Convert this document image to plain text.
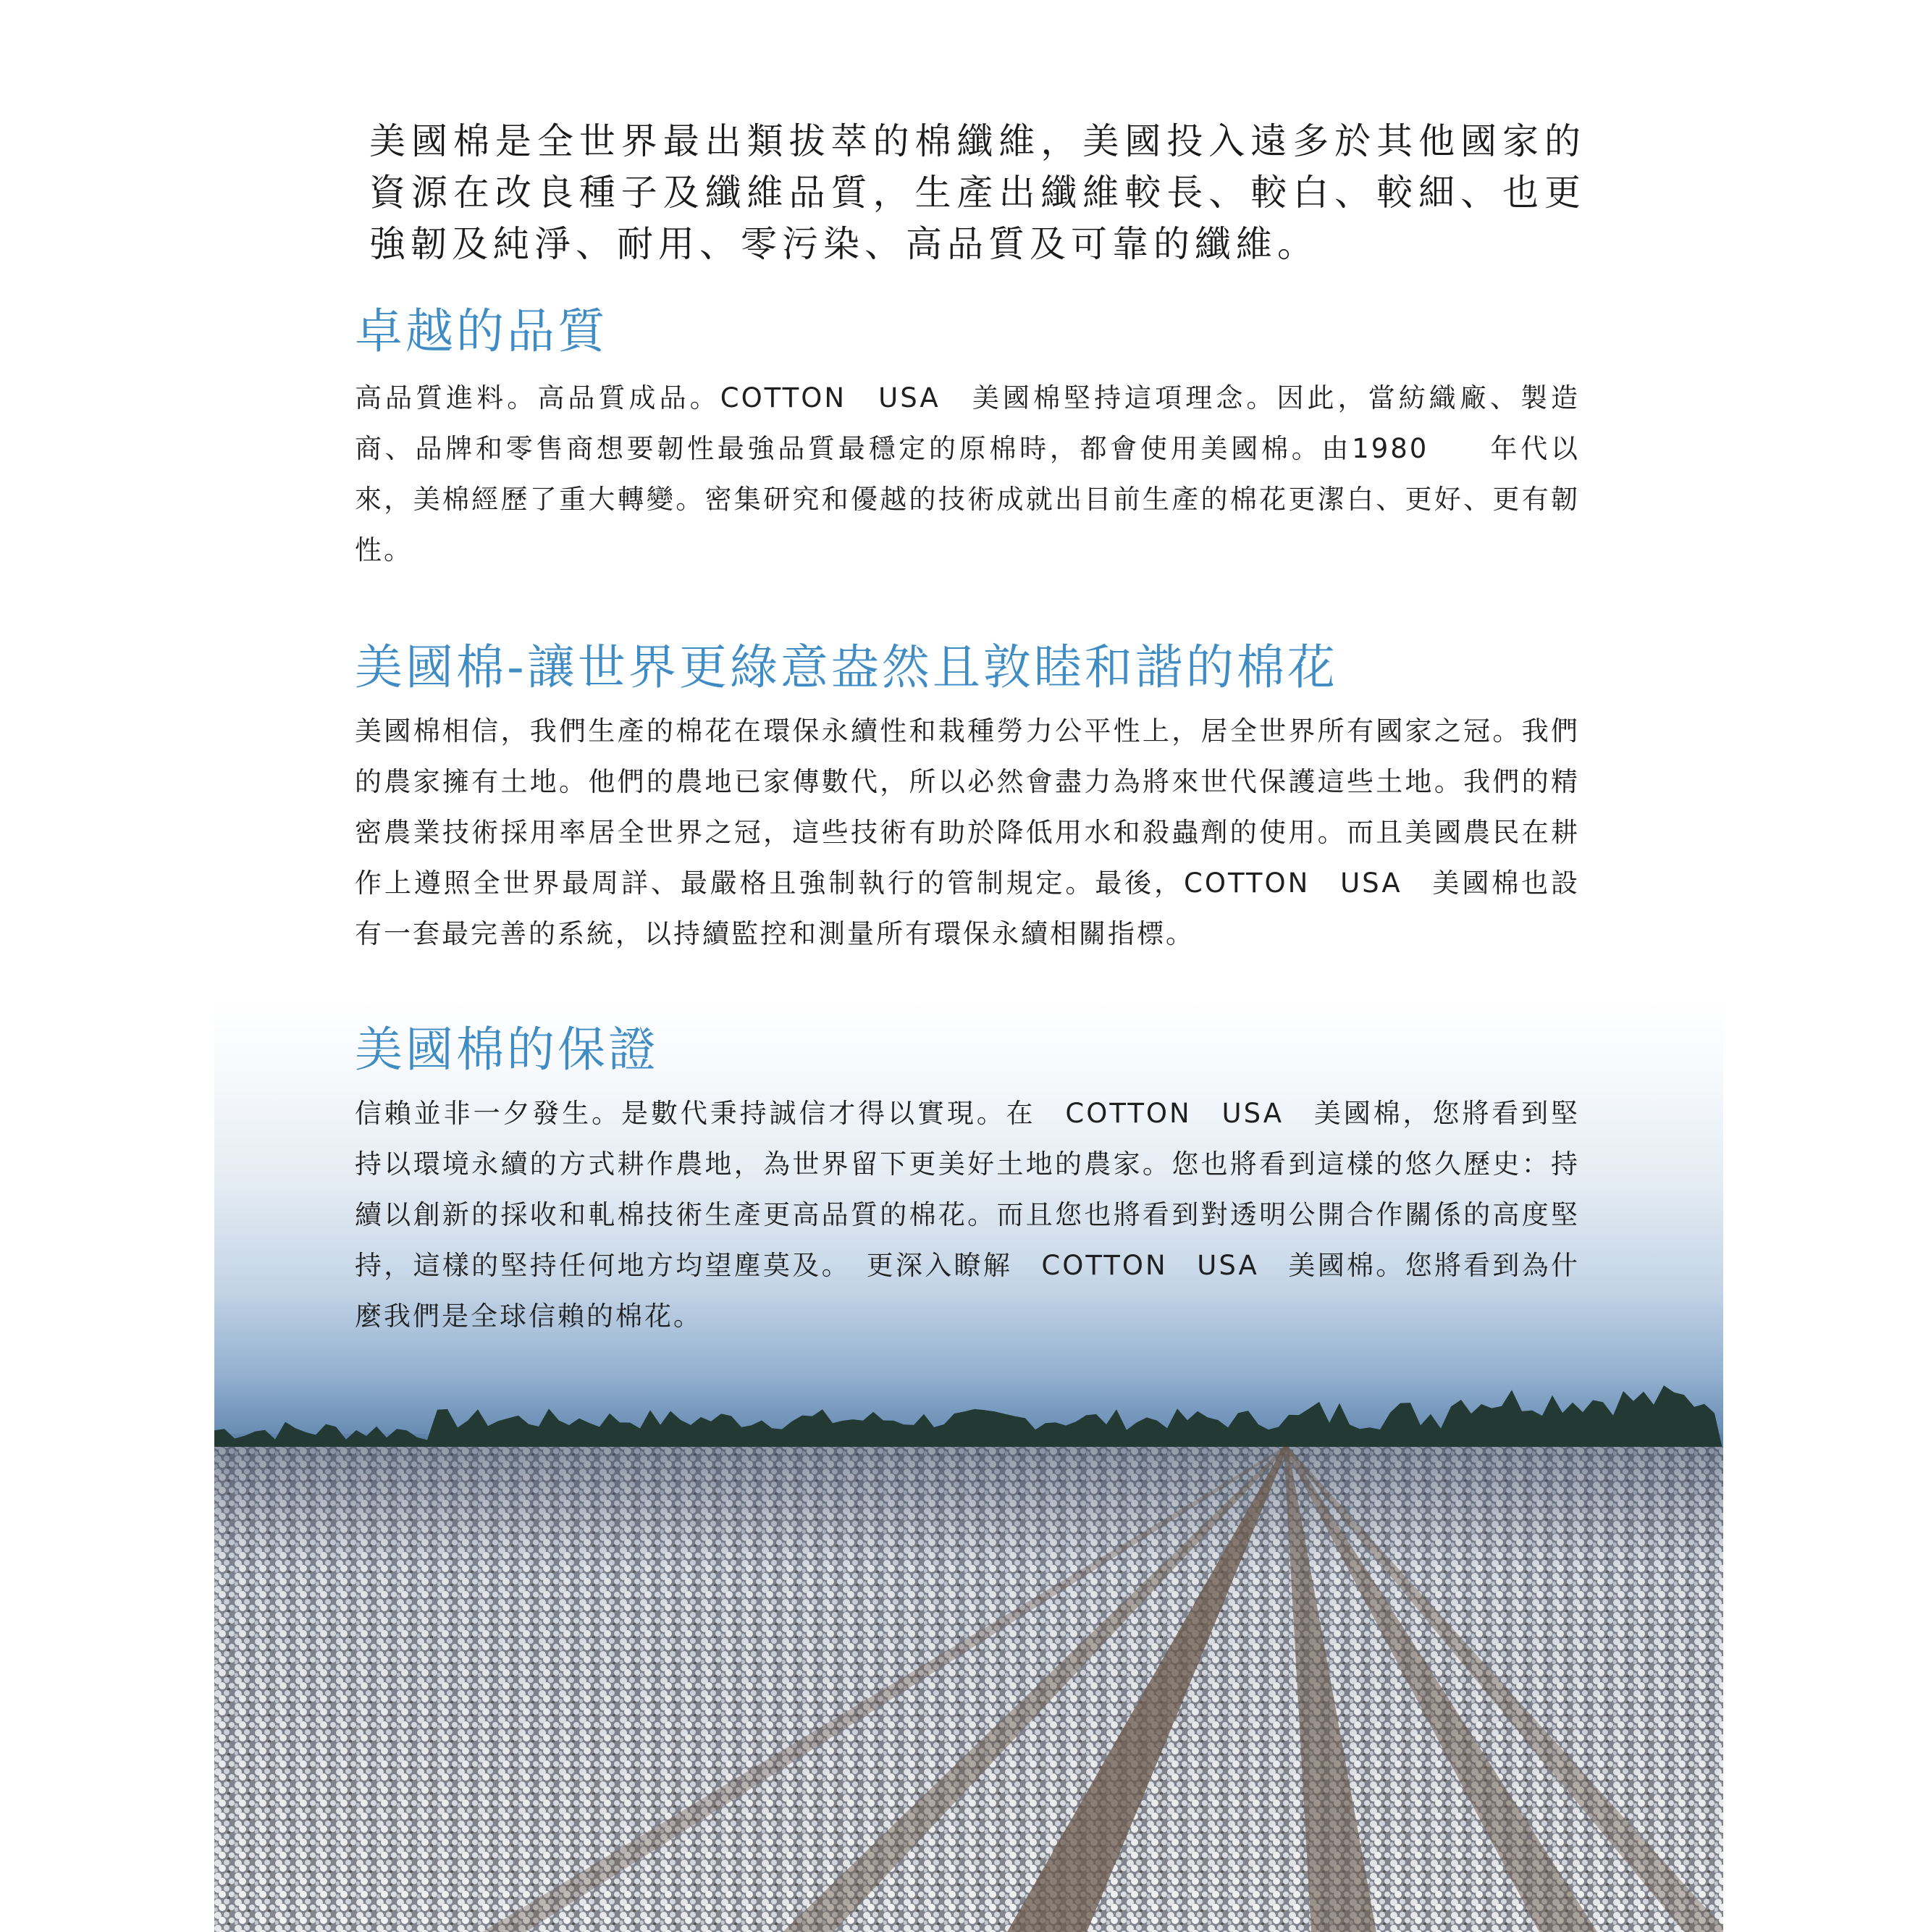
美國棉是全世界最出類拔萃的棉纖維，美國投入遠多於其他國家的資源在改良種子及纖維品質，生產出纖維較長、較白、較細、也更強韌及純淨、耐用、零污染、高品質及可靠的纖維。

卓越的品質

高品質進料。高品質成品。COTTON　USA　美國棉堅持這項理念。因此，當紡織廠、製造商、品牌和零售商想要韌性最強品質最穩定的原棉時，都會使用美國棉。由1980　　年代以來，美棉經歷了重大轉變。密集研究和優越的技術成就出目前生產的棉花更潔白、更好、更有韌性。

美國棉-讓世界更綠意盎然且敦睦和諧的棉花

美國棉相信，我們生產的棉花在環保永續性和栽種勞力公平性上，居全世界所有國家之冠。我們的農家擁有土地。他們的農地已家傳數代，所以必然會盡力為將來世代保護這些土地。我們的精密農業技術採用率居全世界之冠，這些技術有助於降低用水和殺蟲劑的使用。而且美國農民在耕作上遵照全世界最周詳、最嚴格且強制執行的管制規定。最後，COTTON　USA　美國棉也設有一套最完善的系統，以持續監控和測量所有環保永續相關指標。

美國棉的保證

信賴並非一夕發生。是數代秉持誠信才得以實現。在　COTTON　USA　美國棉，您將看到堅持以環境永續的方式耕作農地，為世界留下更美好土地的農家。您也將看到這樣的悠久歷史：持續以創新的採收和軋棉技術生產更高品質的棉花。而且您也將看到對透明公開合作關係的高度堅持，這樣的堅持任何地方均望塵莫及。　更深入瞭解　COTTON　USA　美國棉。您將看到為什麼我們是全球信賴的棉花。
